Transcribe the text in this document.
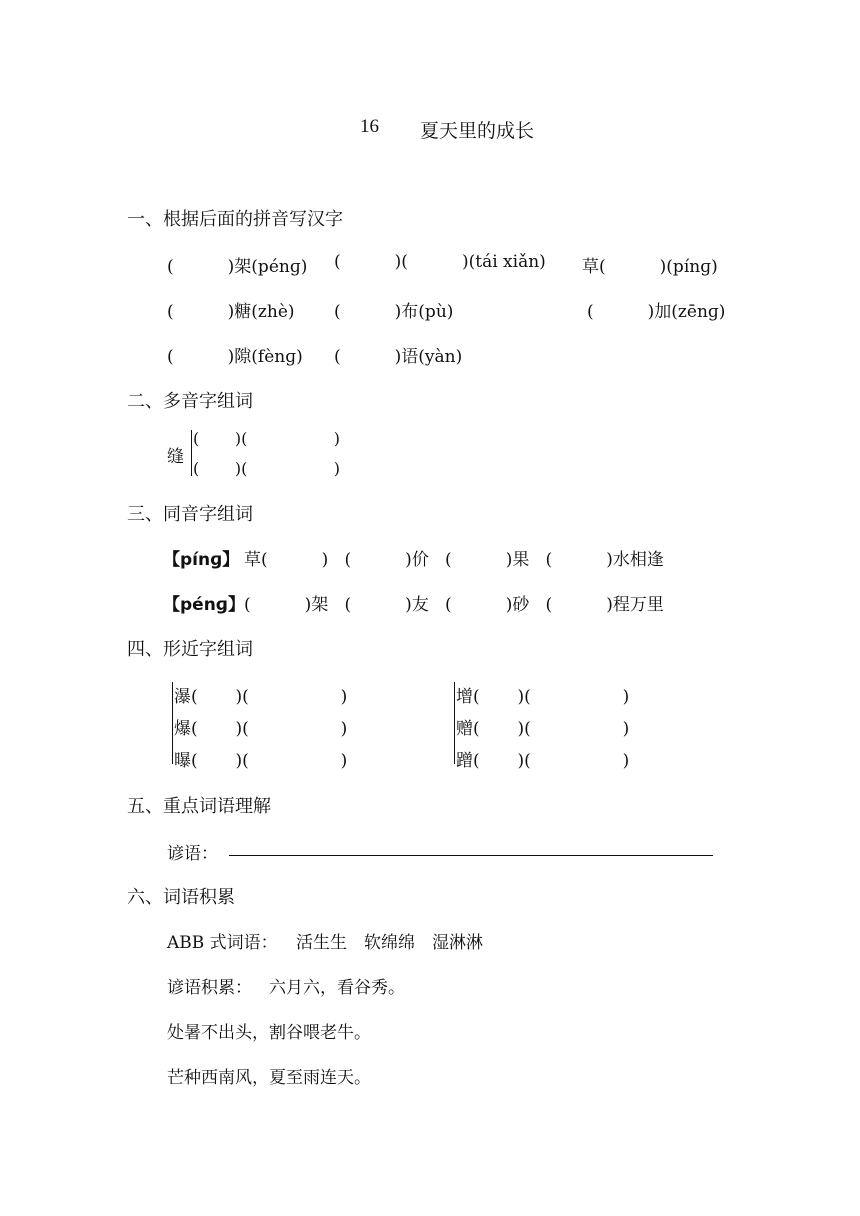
16 夏天里的成长
一、根据后面的拼音写汉字
(          )架(pénɡ) (          )(          )(tái xiǎn) 草(          )(pínɡ)
(          )糖(zhè) (          )布(pù)	(          )加(zēnɡ)
(          )隙(fènɡ) (          )语(yàn)
二、多音字组词
缝
(       )(                 )
(       )(                 )
三、同音字组词
【pínɡ】 草(          )   (          )价   (          )果   (          )水相逢
【pénɡ】 (          )架   (          )友   (          )砂   (          )程万里
四、形近字组词
瀑(       )(                 )
爆(       )(                 )
曝(       )(                 )
增(       )(                 )
赠(       )(                 )
蹭(       )(                 )
五、重点词语理解
谚语：
六、词语积累
ABB 式词语： 活生生　软绵绵　湿淋淋
谚语积累： 六月六，看谷秀。
处暑不出头，割谷喂老牛。
芒种西南风，夏至雨连天。
